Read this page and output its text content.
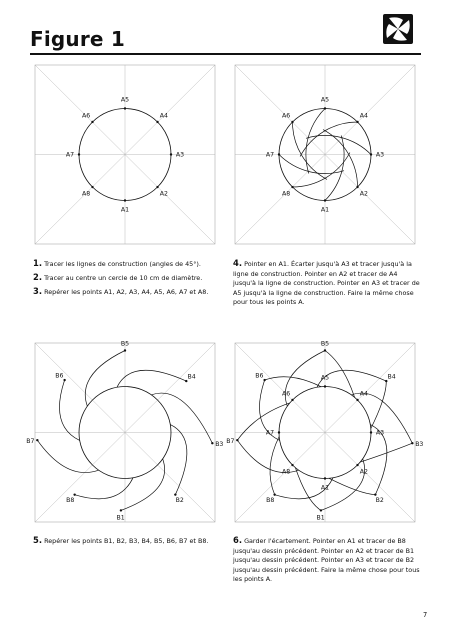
Figure 1
A1
A2
A3
A4
A5
A6
A7
A8
A1
A2
A3
A4
A5
A6
A7
A8
B1
B2
B3
B4
B5
B6
B7
B8
B1
B2
B3
B4
B5
B6
B7
B8
A1
A2
A3
A4
A5
A6
A7
A8
1. Tracer les lignes de construction (angles de 45°).
2. Tracer au centre un cercle de 10 cm de diamètre.
3. Repérer les points A1, A2, A3, A4, A5, A6, A7 et A8.
4. Pointer en A1. Écarter jusqu'à A3 et tracer jusqu'à la ligne de construction. Pointer en A2 et tracer de A4 jusqu'à la ligne de construction. Pointer en A3 et tracer de A5 jusqu'à la ligne de construction. Faire la même chose pour tous les points A.
5. Repérer les points B1, B2, B3, B4, B5, B6, B7 et B8.	6. Garder l'écartement. Pointer en A1 et tracer de B8 jusqu'au dessin précédent. Pointer en A2 et tracer de B1 jusqu'au dessin précédent. Pointer en A3 et tracer de B2 jusqu'au dessin précédent. Faire la même chose pour tous les points A.
7
